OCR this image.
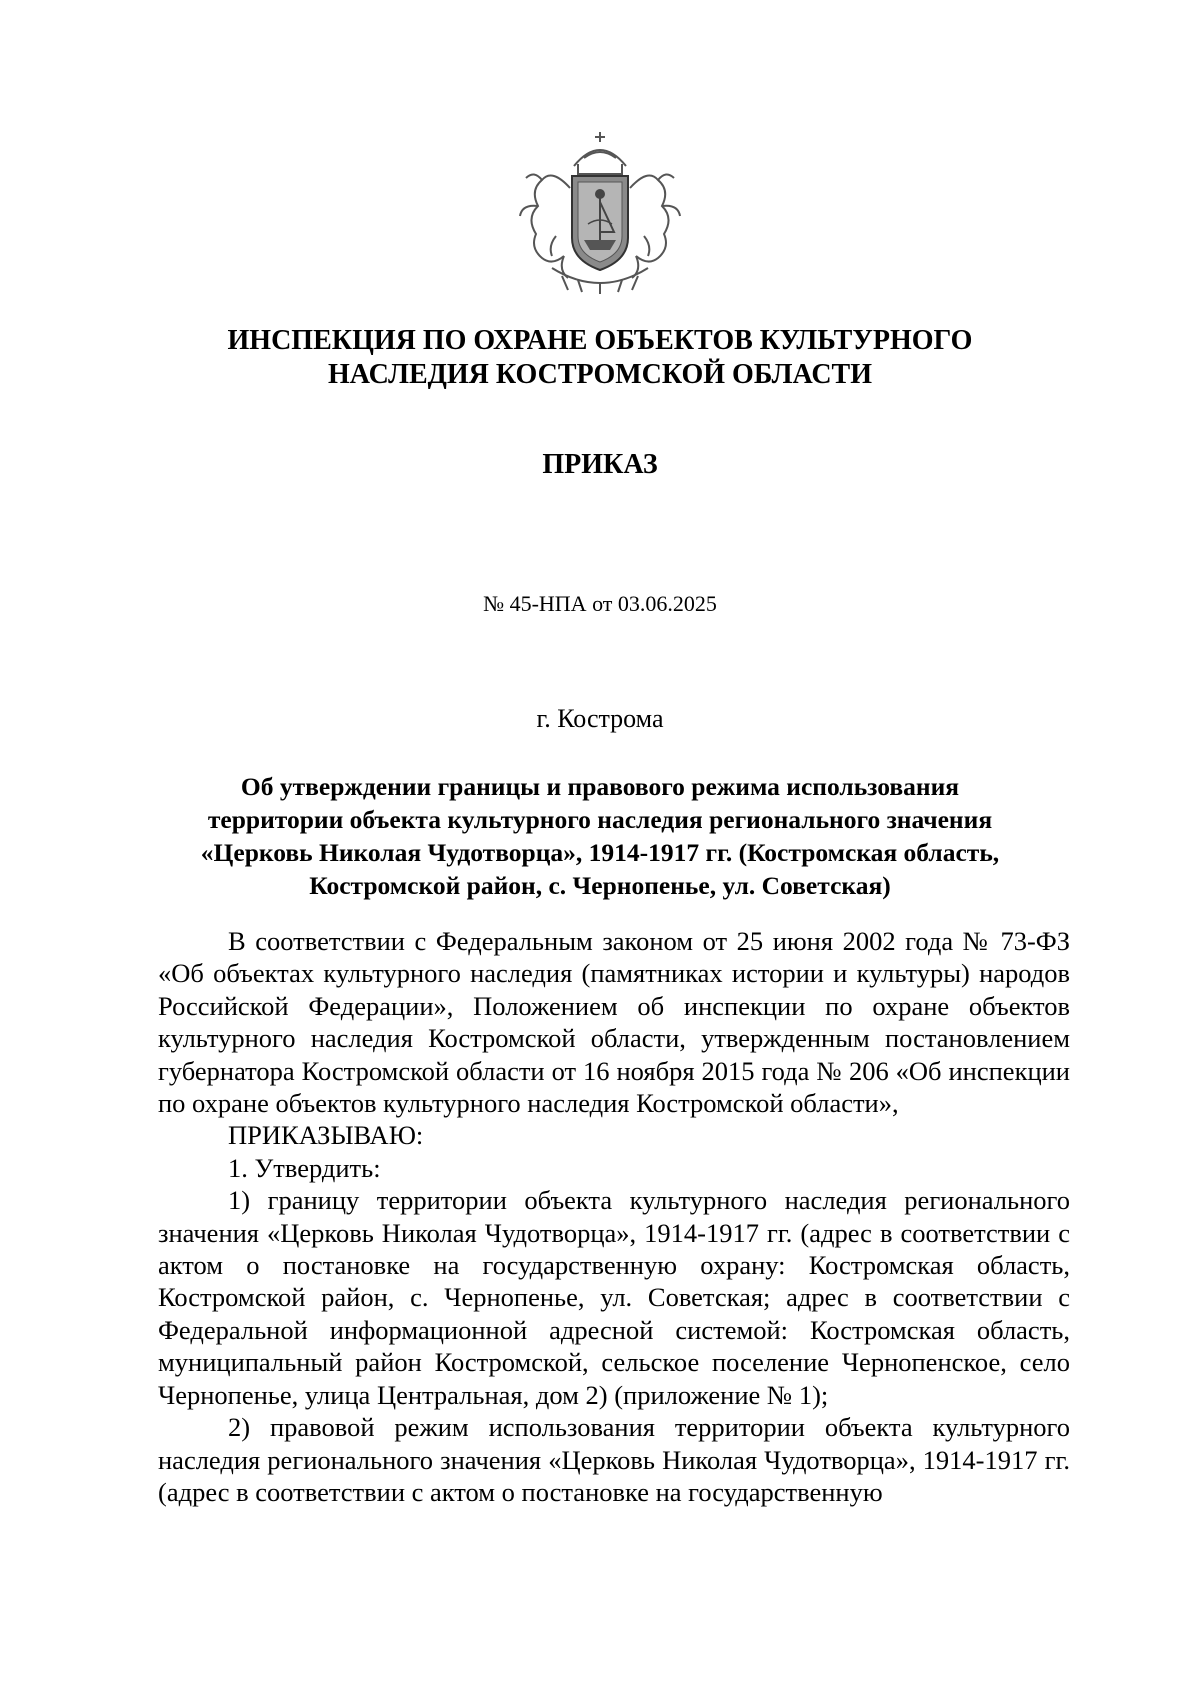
ИНСПЕКЦИЯ ПО ОХРАНЕ ОБЪЕКТОВ КУЛЬТУРНОГО
НАСЛЕДИЯ КОСТРОМСКОЙ ОБЛАСТИ
ПРИКАЗ
№ 45-НПА от 03.06.2025
г. Кострома
Об утверждении границы и правового режима использования
территории объекта культурного наследия регионального значения
«Церковь Николая Чудотворца», 1914-1917 гг. (Костромская область,
Костромской район, с. Чернопенье, ул. Советская)

В соответствии с Федеральным законом от 25 июня 2002 года № 73-ФЗ «Об объектах культурного наследия (памятниках истории и культуры) народов Российской Федерации», Положением об инспекции по охране объектов культурного наследия Костромской области, утвержденным постановлением губернатора Костромской области от 16 ноября 2015 года № 206 «Об инспекции по охране объектов культурного наследия Костромской области»,

ПРИКАЗЫВАЮ:

1. Утвердить:

1) границу территории объекта культурного наследия регионального значения «Церковь Николая Чудотворца», 1914-1917 гг. (адрес в соответствии с актом о постановке на государственную охрану: Костромская область, Костромской район, с. Чернопенье, ул. Советская; адрес в соответствии с Федеральной информационной адресной системой: Костромская область, муниципальный район Костромской, сельское поселение Чернопенское, село Чернопенье, улица Центральная, дом 2) (приложение № 1);

2) правовой режим использования территории объекта культурного наследия регионального значения «Церковь Николая Чудотворца», 1914-1917 гг. (адрес в соответствии с актом о постановке на государственную
